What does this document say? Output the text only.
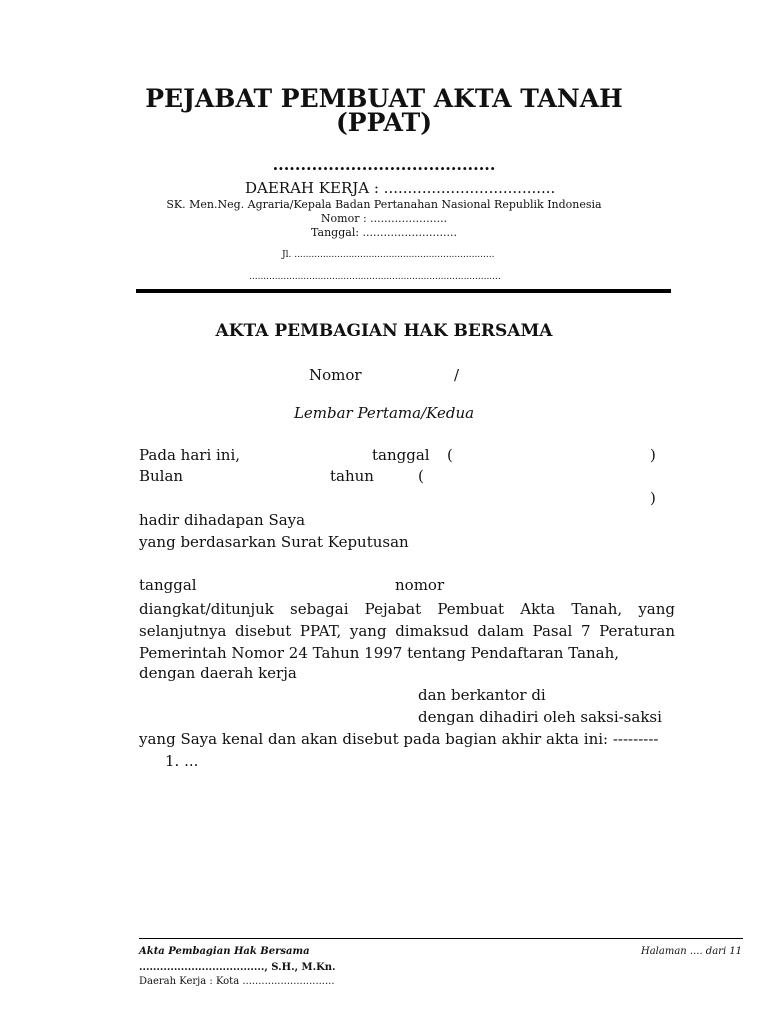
PEJABAT PEMBUAT AKTA TANAH
(PPAT)
........................................
DAERAH KERJA : ....................................
SK. Men.Neg. Agraria/Kepala Badan Pertanahan Nasional Republik Indonesia
Nomor : ......................
Tanggal: ...........................
Jl. ......................................................................
........................................................................................
AKTA PEMBAGIAN HAK BERSAMA
Nomor	/
Lembar Pertama/Kedua
Pada hari ini,	tanggal (	)
Bulan	tahun	(
)
hadir dihadapan Saya
yang berdasarkan Surat Keputusan
tanggal	nomor
diangkat/ditunjuk sebagai Pejabat Pembuat Akta Tanah, yang selanjutnya disebut PPAT, yang dimaksud dalam Pasal 7 Peraturan Pemerintah Nomor 24 Tahun 1997 tentang Pendaftaran Tanah,
dengan daerah kerja
dan berkantor di
dengan dihadiri oleh saksi-saksi
yang Saya kenal dan akan disebut pada bagian akhir akta ini: ---------
1. ...
Akta Pembagian Hak Bersama	Halaman .... dari 11
...................................., S.H., M.Kn.
Daerah Kerja : Kota .............................
